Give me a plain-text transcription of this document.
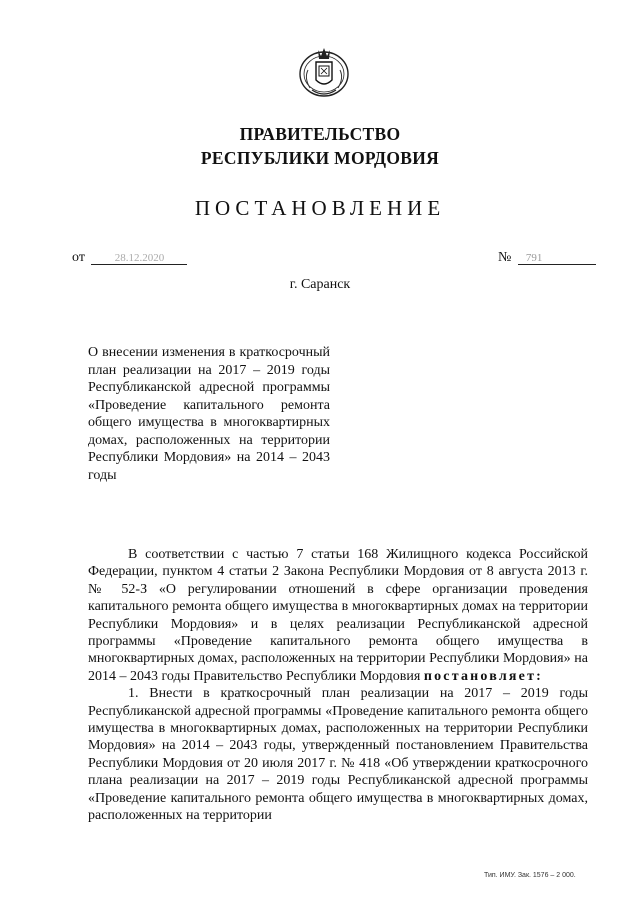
ПРАВИТЕЛЬСТВО
РЕСПУБЛИКИ МОРДОВИЯ
ПОСТАНОВЛЕНИЕ
от	28.12.2020	№ 791
г. Саранск
О внесении изменения в краткосрочный план реализации на 2017 – 2019 годы Республиканской адресной программы «Проведение капитального ремонта общего имущества в многоквартирных домах, расположенных на территории Республики Мордовия» на 2014 – 2043 годы

В соответствии с частью 7 статьи 168 Жилищного кодекса Российской Федерации, пунктом 4 статьи 2 Закона Республики Мордовия от 8 августа 2013 г. № 52-З «О регулировании отношений в сфере организации проведения капитального ремонта общего имущества в многоквартирных домах на территории Республики Мордовия» и в целях реализации Республиканской адресной программы «Проведение капитального ремонта общего имущества в многоквартирных домах, расположенных на территории Республики Мордовия» на 2014 – 2043 годы Правительство Республики Мордовия постановляет:

1. Внести в краткосрочный план реализации на 2017 – 2019 годы Республиканской адресной программы «Проведение капитального ремонта общего имущества в многоквартирных домах, расположенных на территории Республики Мордовия» на 2014 – 2043 годы, утвержденный постановлением Правительства Республики Мордовия от 20 июля 2017 г. № 418 «Об утверждении краткосрочного плана реализации на 2017 – 2019 годы Республиканской адресной программы «Проведение капитального ремонта общего имущества в многоквартирных домах, расположенных на территории

Тип. ИМУ. Зак. 1576 – 2 000.
